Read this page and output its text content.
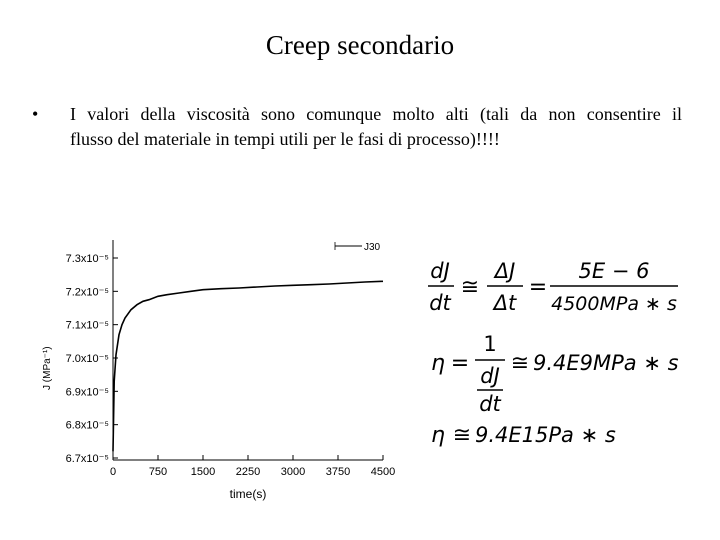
Creep secondario
• I valori della viscosità sono comunque molto alti (tali da non consentire il
flusso del materiale in tempi utili per le fasi di processo)!!!!
0	750 1500 2250 3000 3750 4500
6.7x10⁻⁵
6.8x10⁻⁵
6.9x10⁻⁵
7.0x10⁻⁵
7.1x10⁻⁵
7.2x10⁻⁵
7.3x10⁻⁵
J30
time(s)
J (MPa⁻¹)
dJ
dt
≅
ΔJ
Δt
=
5E − 6
4500MPa ∗ s
η =
1
dJ
dt
≅ 9.4E9MPa ∗ s
η ≅ 9.4E15Pa ∗ s
